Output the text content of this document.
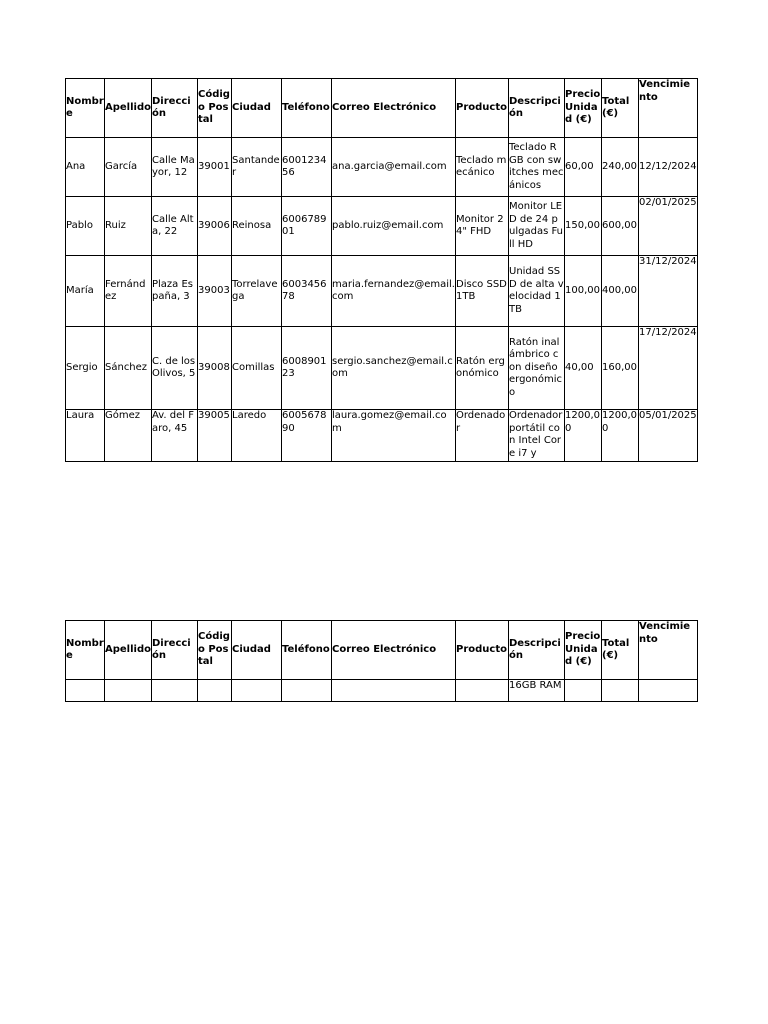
Nombre	Apellido	Dirección	Código Postal	Ciudad	Teléfono	Correo Electrónico	Producto	Descripción	Precio Unidad (€)	Total (€)	Vencimiento
Ana	García	Calle Mayor, 12	39001	Santander	600123456	ana.garcia@email.com	Teclado mecánico	Teclado RGB con switches mecánicos	60,00	240,00	12/12/2024
Pablo	Ruiz	Calle Alta, 22	39006	Reinosa	600678901	pablo.ruiz@email.com	Monitor 24" FHD	Monitor LED de 24 pulgadas Full HD	150,00	600,00	02/01/2025
María	Fernández	Plaza España, 3	39003	Torrelavega	600345678	maria.fernandez@email.com	Disco SSD 1TB	Unidad SSD de alta velocidad 1TB	100,00	400,00	31/12/2024
Sergio	Sánchez	C. de los Olivos, 5	39008	Comillas	600890123	sergio.sanchez@email.com	Ratón ergonómico	Ratón inalámbrico con diseño ergonómico	40,00	160,00	17/12/2024
Laura	Gómez	Av. del Faro, 45	39005	Laredo	600567890	laura.gomez@email.com	Ordenador	Ordenador portátil con Intel Core i7 y	1200,00	1200,00	05/01/2025
Nombre	Apellido	Dirección	Código Postal	Ciudad	Teléfono	Correo Electrónico	Producto	Descripción	Precio Unidad (€)	Total (€)	Vencimiento
								16GB RAM			
